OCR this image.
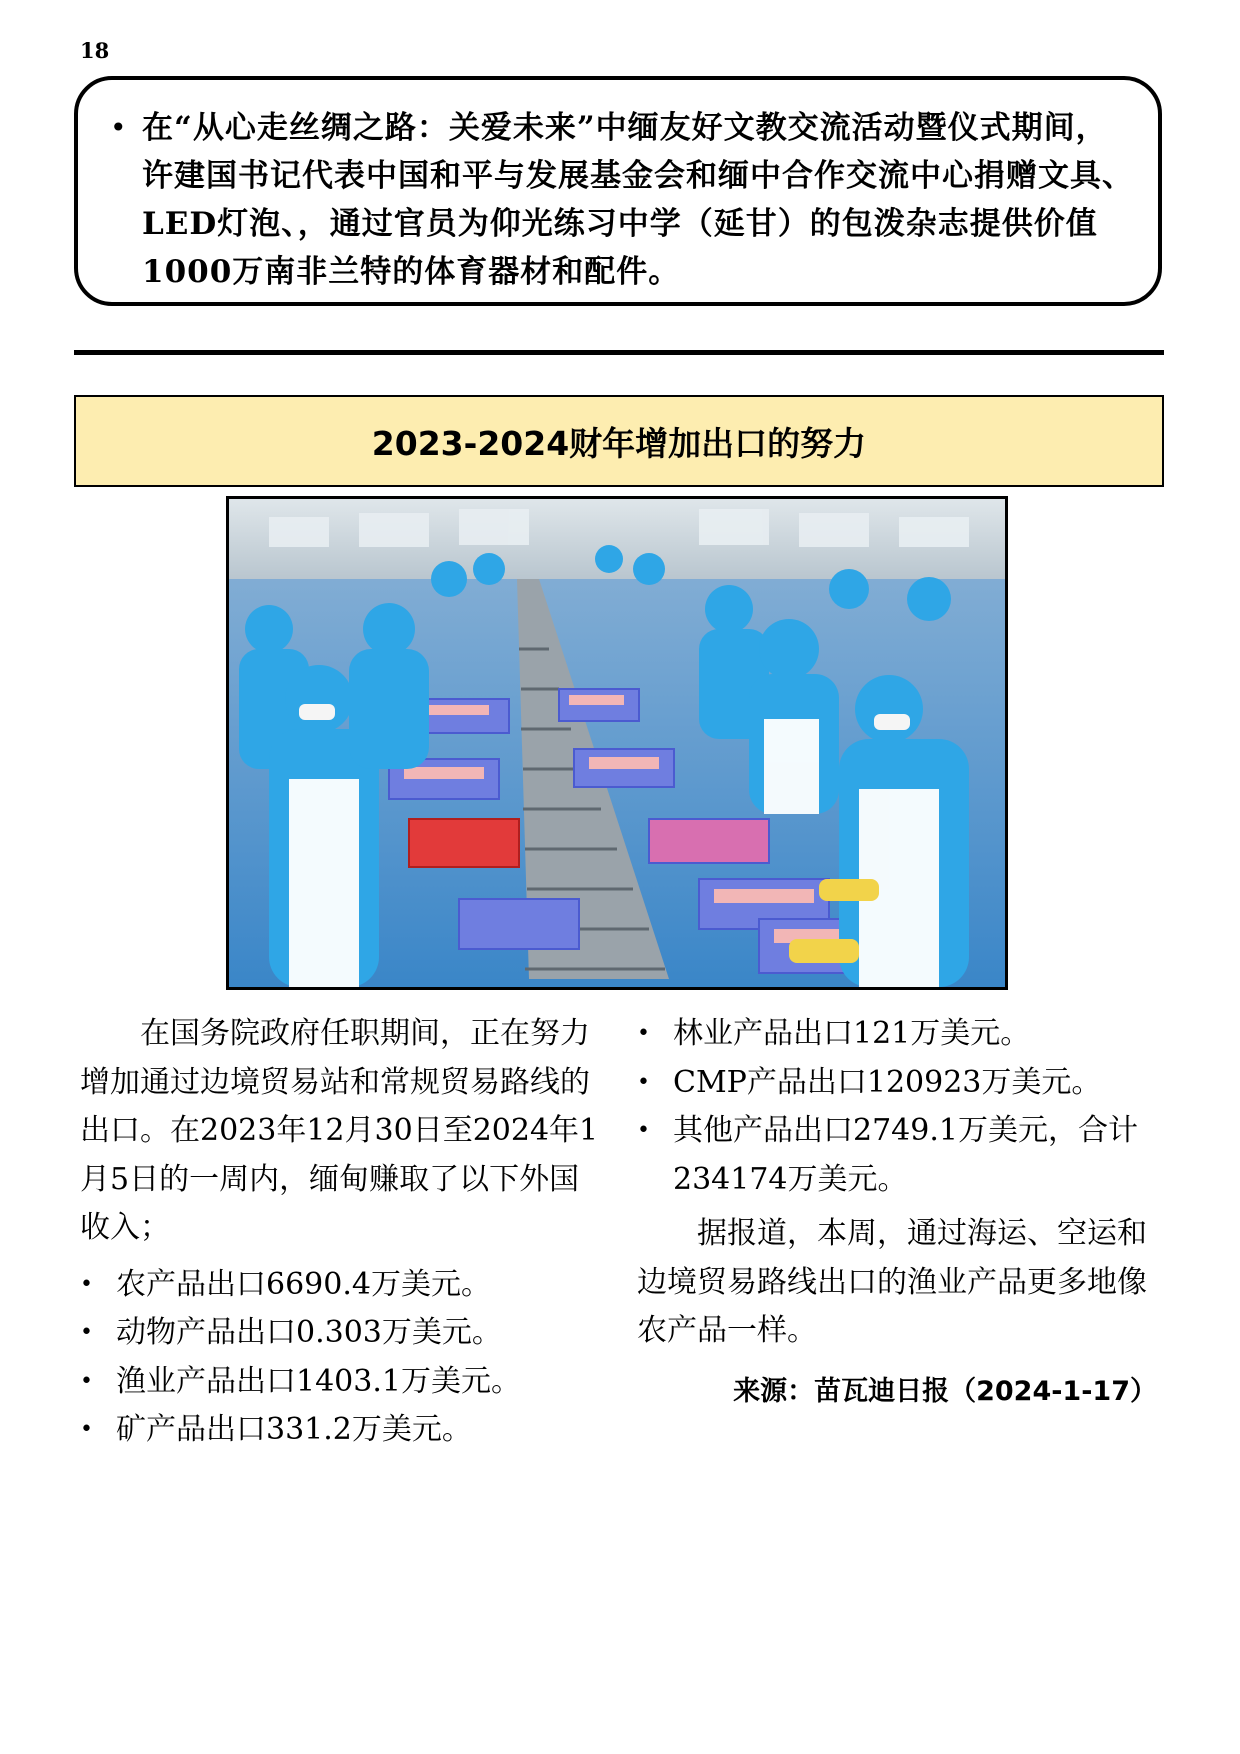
18
• 在“从心走丝绸之路：关爱未来”中缅友好文教交流活动暨仪式期间，许建国书记代表中国和平与发展基金会和缅中合作交流中心捐赠文具、LED灯泡、，通过官员为仰光练习中学（延甘）的包泼杂志提供价值1000万南非兰特的体育器材和配件。
2023-2024财年增加出口的努力

在国务院政府任职期间，正在努力增加通过边境贸易站和常规贸易路线的出口。在2023年12月30日至2024年1月5日的一周内，缅甸赚取了以下外国收入；

• 农产品出口6690.4万美元。
• 动物产品出口0.303万美元。
• 渔业产品出口1403.1万美元。
• 矿产品出口331.2万美元。
• 林业产品出口121万美元。
• CMP产品出口120923万美元。
• 其他产品出口2749.1万美元，合计234174万美元。

据报道，本周，通过海运、空运和边境贸易路线出口的渔业产品更多地像农产品一样。

来源：苗瓦迪日报（2024-1-17）
